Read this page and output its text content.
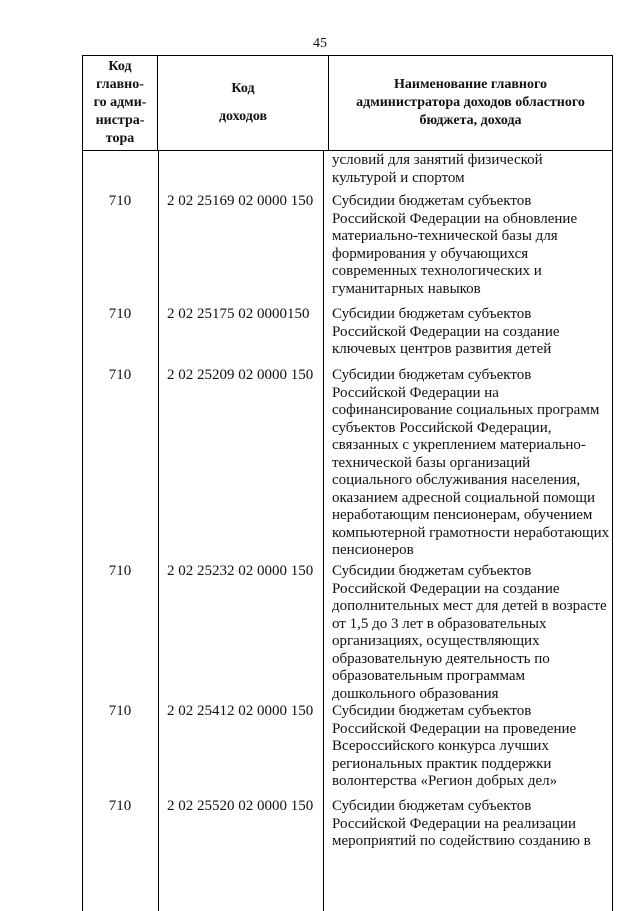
45
Код
главно-
го адми-
нистра-
тора

Код
доходов

Наименование главного
администратора доходов областного
бюджета, дохода
условий для занятий физической
культурой и спортом
710	2 02 25169 02 0000 150 Субсидии бюджетам субъектов
Российской Федерации на обновление
материально-технической базы для
формирования у обучающихся
современных технологических и
гуманитарных навыков
710	2 02 25175 02 0000150	Субсидии бюджетам субъектов
Российской Федерации на создание
ключевых центров развития детей
710	2 02 25209 02 0000 150 Субсидии бюджетам субъектов
Российской Федерации на
софинансирование социальных программ
субъектов Российской Федерации,
связанных с укреплением материально-
технической базы организаций
социального обслуживания населения,
оказанием адресной социальной помощи
неработающим пенсионерам, обучением
компьютерной грамотности неработающих
пенсионеров
710	2 02 25232 02 0000 150 Субсидии бюджетам субъектов
Российской Федерации на создание
дополнительных мест для детей в возрасте
от 1,5 до 3 лет в образовательных
организациях, осуществляющих
образовательную деятельность по
образовательным программам
дошкольного образования
710	2 02 25412 02 0000 150 Субсидии бюджетам субъектов
Российской Федерации на проведение
Всероссийского конкурса лучших
региональных практик поддержки
волонтерства «Регион добрых дел»
710	2 02 25520 02 0000 150 Субсидии бюджетам субъектов
Российской Федерации на реализации
мероприятий по содействию созданию в
